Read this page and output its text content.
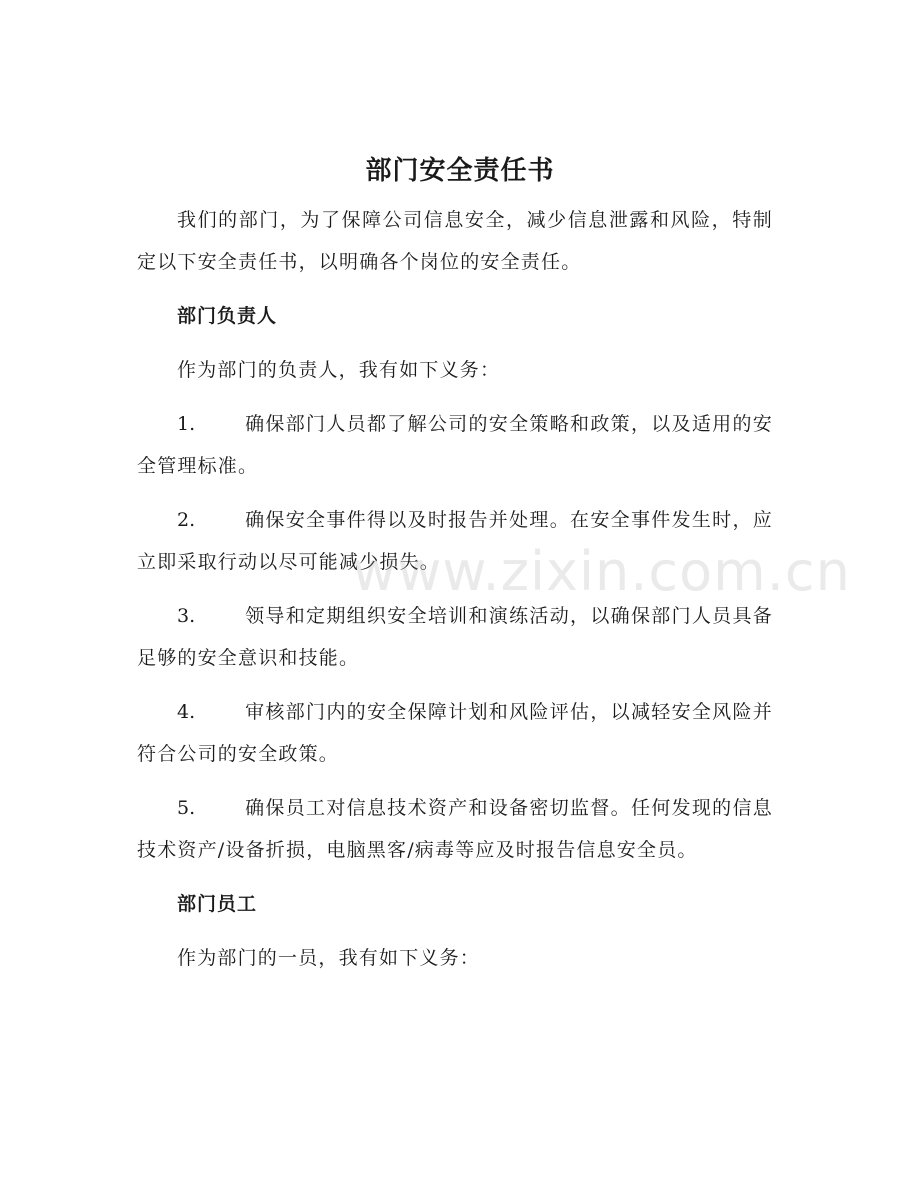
部门安全责任书

我们的部门，为了保障公司信息安全，减少信息泄露和风险，特制定以下安全责任书，以明确各个岗位的安全责任。

部门负责人

作为部门的负责人，我有如下义务：

1.	确保部门人员都了解公司的安全策略和政策，以及适用的安全管理标准。

2.	确保安全事件得以及时报告并处理。在安全事件发生时，应立即采取行动以尽可能减少损失。

3.	领导和定期组织安全培训和演练活动，以确保部门人员具备足够的安全意识和技能。

4.	审核部门内的安全保障计划和风险评估，以减轻安全风险并符合公司的安全政策。

5.	确保员工对信息技术资产和设备密切监督。任何发现的信息技术资产/设备折损，电脑黑客/病毒等应及时报告信息安全员。

部门员工

作为部门的一员，我有如下义务：

www.zixin.com.cn
